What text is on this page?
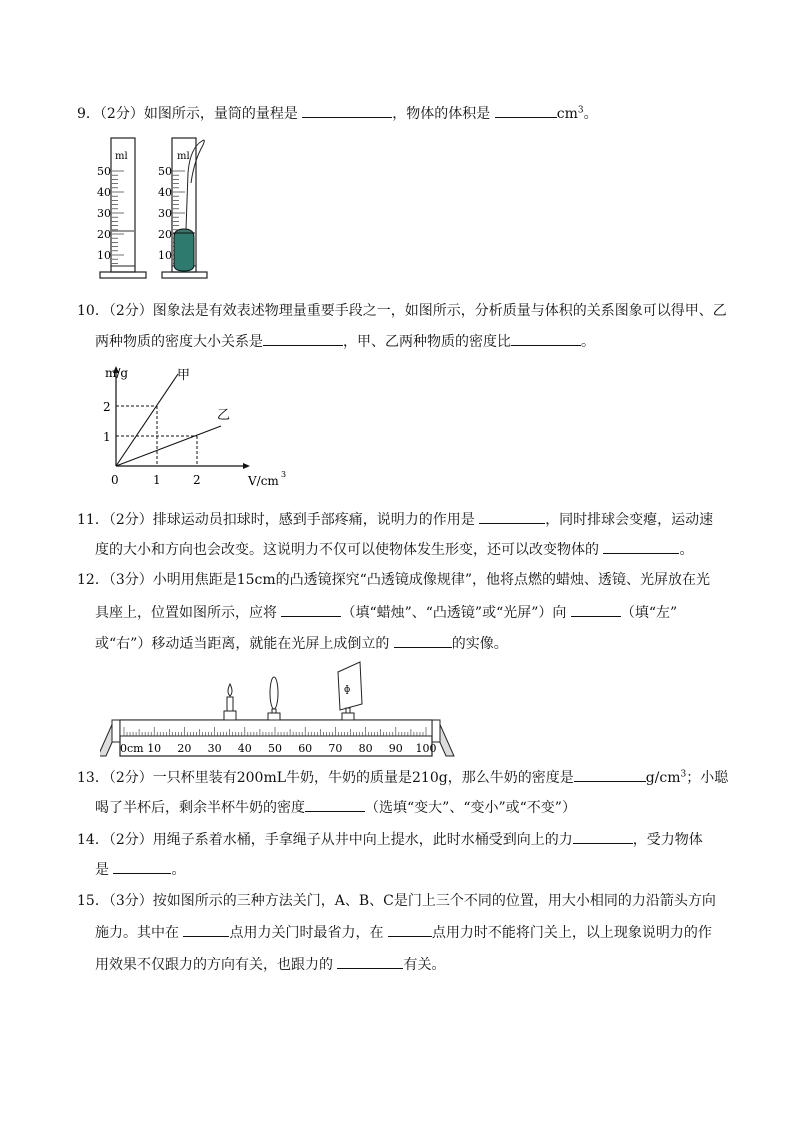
9．（2分）如图所示，量筒的量程是	，物体的体积是	$cm^3$。
ml
50
40
30
20
10
ml
50
40
30
20
10
10．（2分）图象法是有效表述物理量重要手段之一，如图所示，分析质量与体积的关系图象可以得甲、乙
两种物质的密度大小关系是	，甲、乙两种物质的密度比	。
m/g	甲
乙
2
1
0	1	2	V/cm 3
11．（2分）排球运动员扣球时，感到手部疼痛，说明力的作用是	，同时排球会变瘪，运动速
度的大小和方向也会改变。这说明力不仅可以使物体发生形变，还可以改变物体的	。
12．（3分）小明用焦距是15cm的凸透镜探究“凸透镜成像规律”，他将点燃的蜡烛、透镜、光屏放在光
具座上，位置如图所示，应将	（填“蜡烛”、“凸透镜”或“光屏”）向	（填“左”
或“右”）移动适当距离，就能在光屏上成倒立的	的实像。
ɸ
0cm 10 20 30 40 50 60 70 80 90 100
13．（2分）一只杯里装有200mL牛奶，牛奶的质量是210g，那么牛奶的密度是	$g/cm^3$；小聪
喝了半杯后，剩余半杯牛奶的密度	（选填“变大”、“变小”或“不变”）
14．（2分）用绳子系着水桶，手拿绳子从井中向上提水，此时水桶受到向上的力	，受力物体
是	。
15．（3分）按如图所示的三种方法关门，A、B、C是门上三个不同的位置，用大小相同的力沿箭头方向
施力。其中在	点用力关门时最省力，在	点用力时不能将门关上，以上现象说明力的作
用效果不仅跟力的方向有关，也跟力的	有关。
